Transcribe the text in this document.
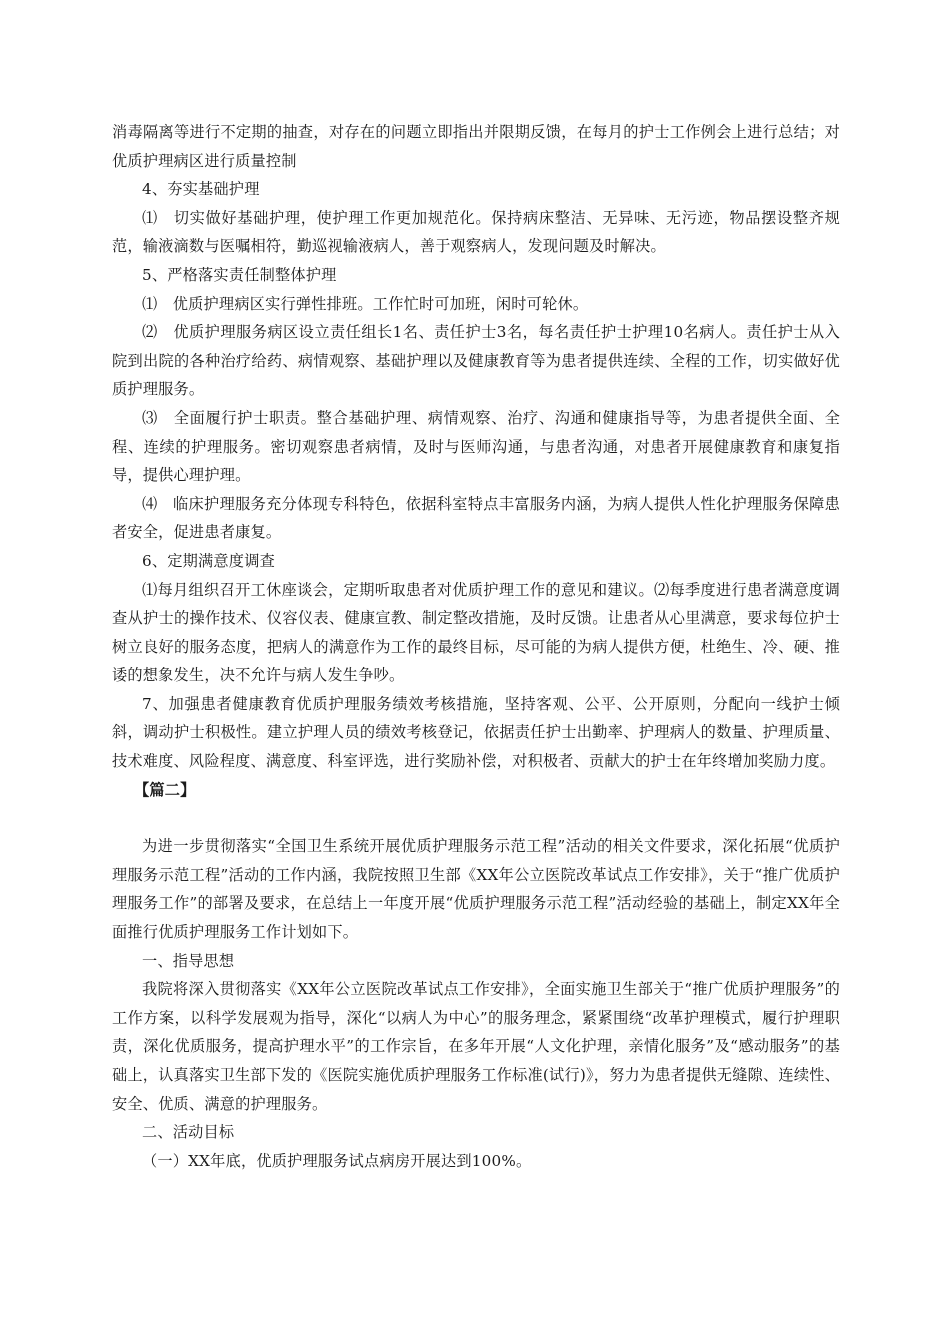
消毒隔离等进行不定期的抽查，对存在的问题立即指出并限期反馈，在每月的护士工作例会上进行总结；对优质护理病区进行质量控制

4、夯实基础护理

⑴　切实做好基础护理，使护理工作更加规范化。保持病床整洁、无异味、无污迹，物品摆设整齐规范，输液滴数与医嘱相符，勤巡视输液病人，善于观察病人，发现问题及时解决。

5、严格落实责任制整体护理

⑴　优质护理病区实行弹性排班。工作忙时可加班，闲时可轮休。

⑵　优质护理服务病区设立责任组长1名、责任护士3名，每名责任护士护理10名病人。责任护士从入院到出院的各种治疗给药、病情观察、基础护理以及健康教育等为患者提供连续、全程的工作，切实做好优质护理服务。

⑶　全面履行护士职责。整合基础护理、病情观察、治疗、沟通和健康指导等，为患者提供全面、全程、连续的护理服务。密切观察患者病情，及时与医师沟通，与患者沟通，对患者开展健康教育和康复指导，提供心理护理。

⑷　临床护理服务充分体现专科特色，依据科室特点丰富服务内涵，为病人提供人性化护理服务保障患者安全，促进患者康复。

6、定期满意度调查

⑴每月组织召开工休座谈会，定期听取患者对优质护理工作的意见和建议。⑵每季度进行患者满意度调查从护士的操作技术、仪容仪表、健康宣教、制定整改措施，及时反馈。让患者从心里满意，要求每位护士树立良好的服务态度，把病人的满意作为工作的最终目标，尽可能的为病人提供方便，杜绝生、冷、硬、推诿的想象发生，决不允许与病人发生争吵。

7、加强患者健康教育优质护理服务绩效考核措施，坚持客观、公平、公开原则，分配向一线护士倾斜，调动护士积极性。建立护理人员的绩效考核登记，依据责任护士出勤率、护理病人的数量、护理质量、技术难度、风险程度、满意度、科室评选，进行奖励补偿，对积极者、贡献大的护士在年终增加奖励力度。

【篇二】

为进一步贯彻落实“全国卫生系统开展优质护理服务示范工程”活动的相关文件要求，深化拓展“优质护理服务示范工程”活动的工作内涵，我院按照卫生部《XX年公立医院改革试点工作安排》，关于“推广优质护理服务工作”的部署及要求，在总结上一年度开展“优质护理服务示范工程”活动经验的基础上，制定XX年全面推行优质护理服务工作计划如下。

一、指导思想

我院将深入贯彻落实《XX年公立医院改革试点工作安排》，全面实施卫生部关于“推广优质护理服务”的工作方案，以科学发展观为指导，深化“以病人为中心”的服务理念，紧紧围绕“改革护理模式，履行护理职责，深化优质服务，提高护理水平”的工作宗旨，在多年开展“人文化护理，亲情化服务”及“感动服务”的基础上，认真落实卫生部下发的《医院实施优质护理服务工作标准(试行)》，努力为患者提供无缝隙、连续性、安全、优质、满意的护理服务。

二、活动目标

（一）XX年底，优质护理服务试点病房开展达到100%。
